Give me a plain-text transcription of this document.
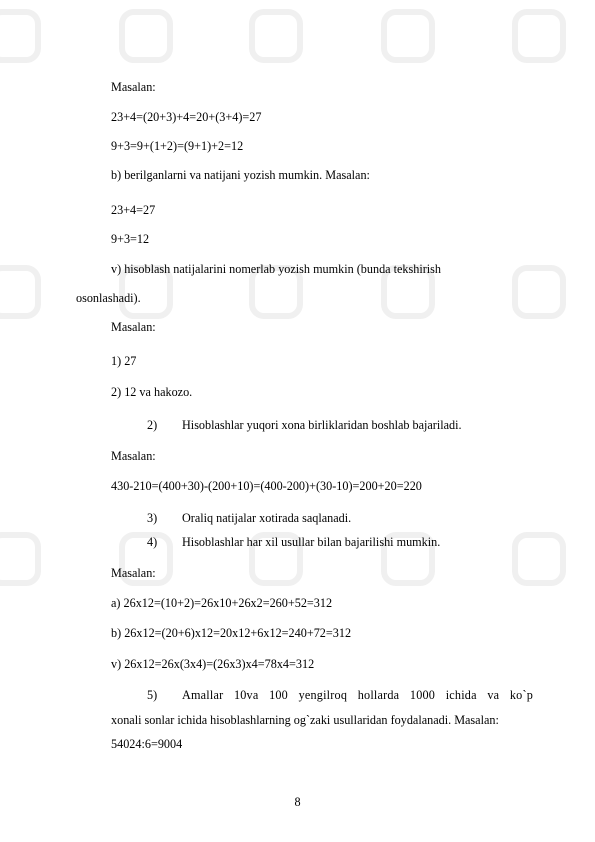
Masalan:
23+4=(20+3)+4=20+(3+4)=27
9+3=9+(1+2)=(9+1)+2=12
b) berilganlarni va natijani yozish mumkin. Masalan:
23+4=27
9+3=12
v) hisoblash natijalarini nomerlab yozish mumkin (bunda tekshirish
osonlashadi).
Masalan:
1) 27
2) 12 va hakozo.
2) Hisoblashlar yuqori xona birliklaridan boshlab bajariladi.
Masalan:
430-210=(400+30)-(200+10)=(400-200)+(30-10)=200+20=220
3) Oraliq natijalar xotirada saqlanadi.
4) Hisoblashlar har xil usullar bilan bajarilishi mumkin.
Masalan:
a) 26x12=(10+2)=26x10+26x2=260+52=312
b) 26x12=(20+6)x12=20x12+6x12=240+72=312
v) 26x12=26x(3x4)=(26x3)x4=78x4=312
5) Amallar 10va 100 yengilroq hollarda 1000 ichida va ko`p
xonali sonlar ichida hisoblashlarning og`zaki usullaridan foydalanadi. Masalan:
54024:6=9004
8
